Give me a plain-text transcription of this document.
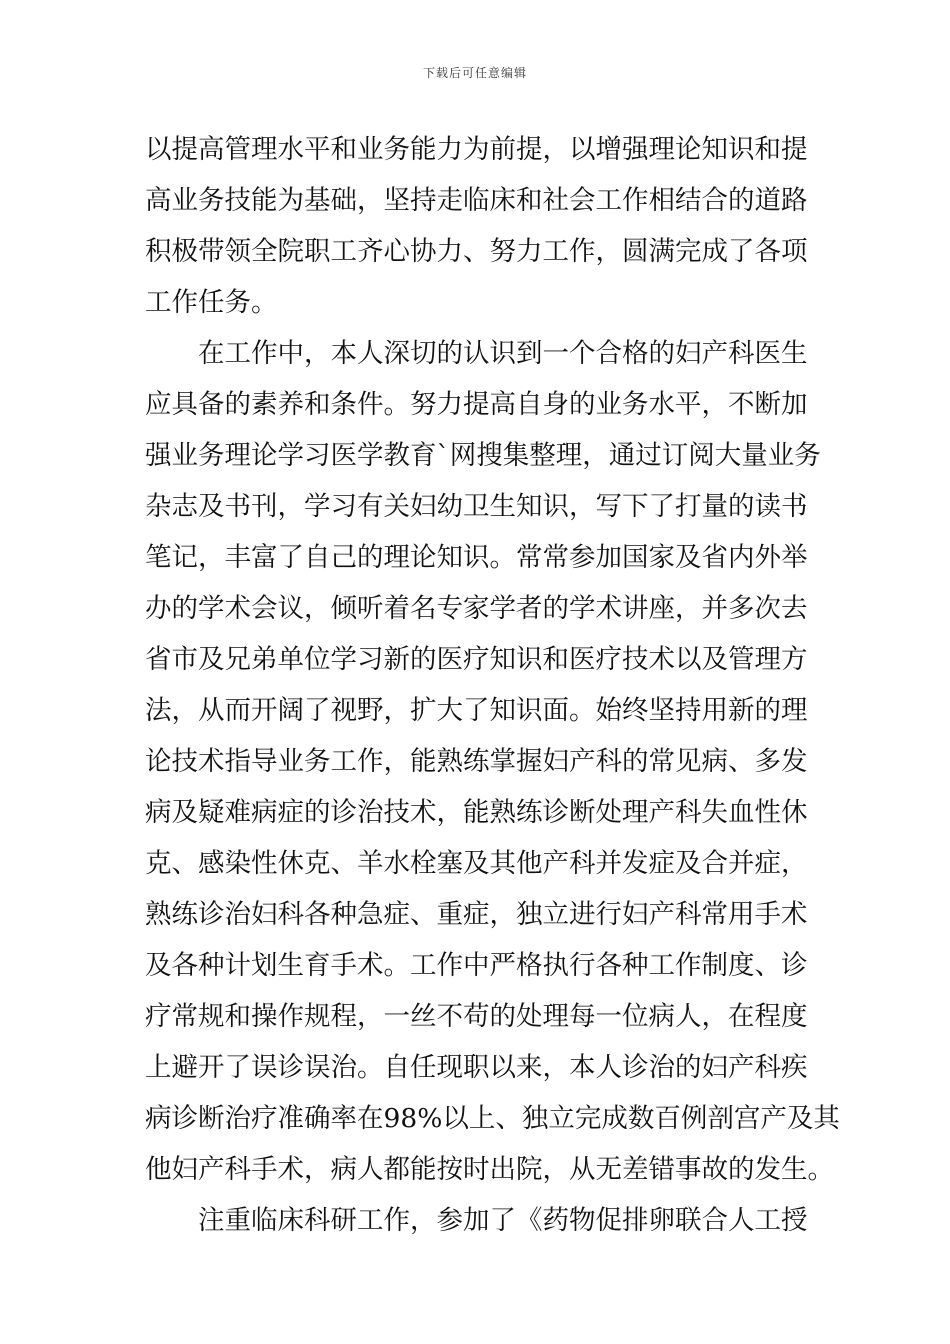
下载后可任意编辑
以提高管理水平和业务能力为前提，以增强理论知识和提
高业务技能为基础，坚持走临床和社会工作相结合的道路
积极带领全院职工齐心协力、努力工作，圆满完成了各项
工作任务。
在工作中，本人深切的认识到一个合格的妇产科医生
应具备的素养和条件。努力提高自身的业务水平，不断加
强业务理论学习医学教育`网搜集整理，通过订阅大量业务
杂志及书刊，学习有关妇幼卫生知识，写下了打量的读书
笔记，丰富了自己的理论知识。常常参加国家及省内外举
办的学术会议，倾听着名专家学者的学术讲座，并多次去
省市及兄弟单位学习新的医疗知识和医疗技术以及管理方
法，从而开阔了视野，扩大了知识面。始终坚持用新的理
论技术指导业务工作，能熟练掌握妇产科的常见病、多发
病及疑难病症的诊治技术，能熟练诊断处理产科失血性休
克、感染性休克、羊水栓塞及其他产科并发症及合并症，
熟练诊治妇科各种急症、重症，独立进行妇产科常用手术
及各种计划生育手术。工作中严格执行各种工作制度、诊
疗常规和操作规程，一丝不苟的处理每一位病人，在程度
上避开了误诊误治。自任现职以来，本人诊治的妇产科疾
病诊断治疗准确率在98%以上、独立完成数百例剖宫产及其
他妇产科手术，病人都能按时出院，从无差错事故的发生。
注重临床科研工作，参加了《药物促排卵联合人工授
